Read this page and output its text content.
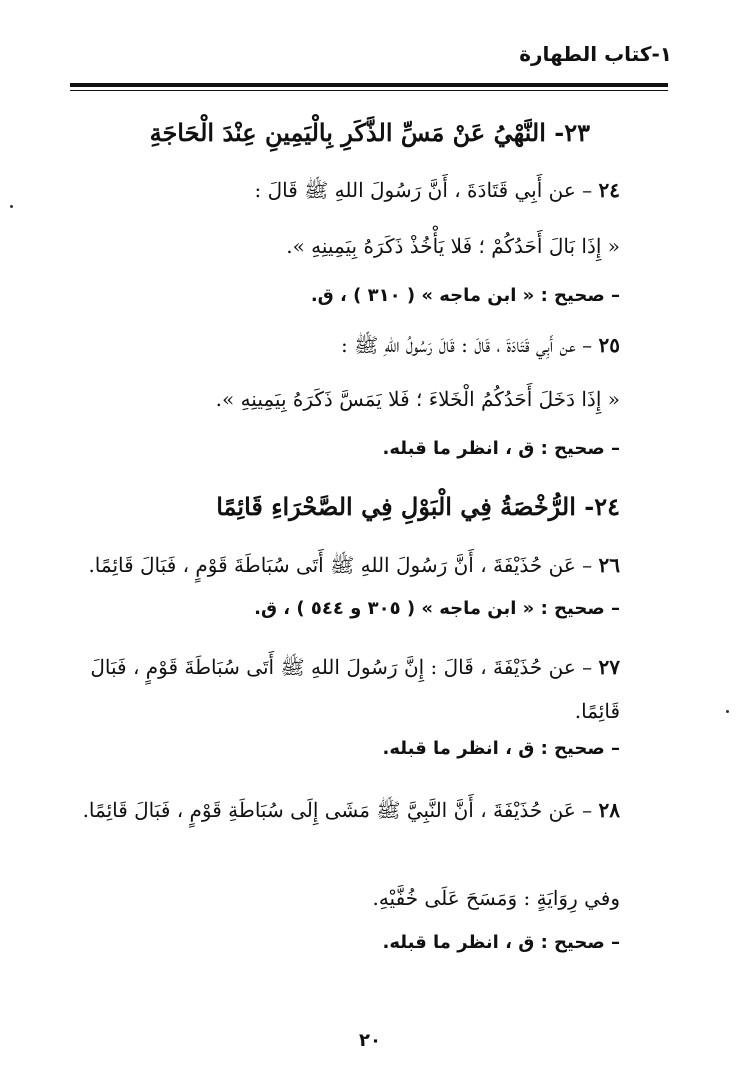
١-كتاب الطهارة
٢٣- النَّهْيُ عَنْ مَسِّ الذَّكَرِ بِالْيَمِينِ عِنْدَ الْحَاجَةِ
٢٤ – عن أَبِي قَتَادَةَ ، أَنَّ رَسُولَ اللهِ ﷺ قَالَ :
« إِذَا بَالَ أَحَدُكُمْ ؛ فَلا يَأْخُذْ ذَكَرَهُ بِيَمِينِهِ ».
– صحيح : « ابن ماجه » ( ٣١٠ ) ، ق.
٢٥ – عن أَبِي قَتَادَةَ ، قَالَ : قَالَ رَسُولُ اللهِ ﷺ :
« إِذَا دَخَلَ أَحَدُكُمُ الْخَلاءَ ؛ فَلا يَمَسَّ ذَكَرَهُ بِيَمِينِهِ ».
– صحيح : ق ، انظر ما قبله.
٢٤- الرُّخْصَةُ فِي الْبَوْلِ فِي الصَّحْرَاءِ قَائِمًا
٢٦ – عَن حُذَيْفَةَ ، أَنَّ رَسُولَ اللهِ ﷺ أَتَى سُبَاطَةَ قَوْمٍ ، فَبَالَ قَائِمًا.
– صحيح : « ابن ماجه » ( ٣٠٥ و ٥٤٤ ) ، ق.
٢٧ – عن حُذَيْفَةَ ، قَالَ : إِنَّ رَسُولَ اللهِ ﷺ أَتَى سُبَاطَةَ قَوْمٍ ، فَبَالَ قَائِمًا.
– صحيح : ق ، انظر ما قبله.
٢٨ – عَن حُذَيْفَةَ ، أَنَّ النَّبِيَّ ﷺ مَشَى إِلَى سُبَاطَةِ قَوْمٍ ، فَبَالَ قَائِمًا.
وفي رِوَايَةٍ : وَمَسَحَ عَلَى خُفَّيْهِ.
– صحيح : ق ، انظر ما قبله.
٢٠
